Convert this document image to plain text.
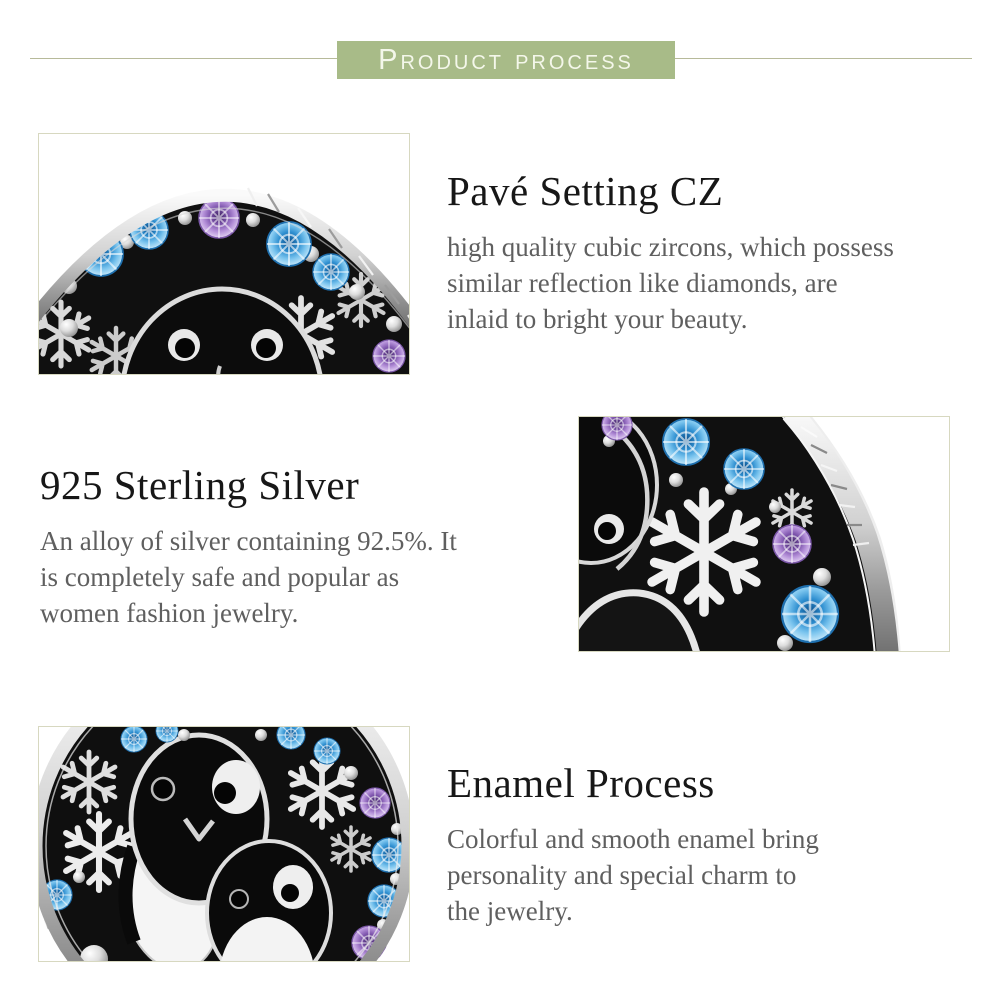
Product process
Pavé Setting CZ
high quality cubic zircons, which possess
similar reflection like diamonds, are
inlaid to bright your beauty.
925 Sterling Silver
An alloy of silver containing 92.5%. It
is completely safe and popular as
women fashion jewelry.
Enamel Process
Colorful and smooth enamel bring
personality and special charm to
the jewelry.
